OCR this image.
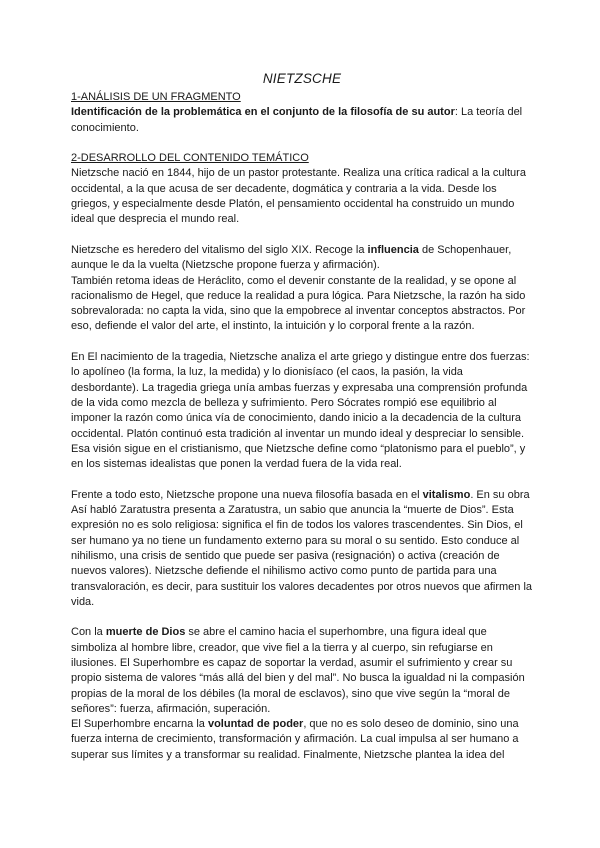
NIETZSCHE
1-ANÁLISIS DE UN FRAGMENTO

Identificación de la problemática en el conjunto de la filosofía de su autor: La teoría del conocimiento.

2-DESARROLLO DEL CONTENIDO TEMÁTICO

Nietzsche nació en 1844, hijo de un pastor protestante. Realiza una crítica radical a la cultura occidental, a la que acusa de ser decadente, dogmática y contraria a la vida. Desde los griegos, y especialmente desde Platón, el pensamiento occidental ha construido un mundo ideal que desprecia el mundo real.

Nietzsche es heredero del vitalismo del siglo XIX. Recoge la influencia de Schopenhauer, aunque le da la vuelta (Nietzsche propone fuerza y afirmación).

También retoma ideas de Heráclito, como el devenir constante de la realidad, y se opone al racionalismo de Hegel, que reduce la realidad a pura lógica. Para Nietzsche, la razón ha sido sobrevalorada: no capta la vida, sino que la empobrece al inventar conceptos abstractos. Por eso, defiende el valor del arte, el instinto, la intuición y lo corporal frente a la razón.

En El nacimiento de la tragedia, Nietzsche analiza el arte griego y distingue entre dos fuerzas: lo apolíneo (la forma, la luz, la medida) y lo dionisíaco (el caos, la pasión, la vida desbordante). La tragedia griega unía ambas fuerzas y expresaba una comprensión profunda de la vida como mezcla de belleza y sufrimiento. Pero Sócrates rompió ese equilibrio al imponer la razón como única vía de conocimiento, dando inicio a la decadencia de la cultura occidental. Platón continuó esta tradición al inventar un mundo ideal y despreciar lo sensible. Esa visión sigue en el cristianismo, que Nietzsche define como “platonismo para el pueblo”, y en los sistemas idealistas que ponen la verdad fuera de la vida real.

Frente a todo esto, Nietzsche propone una nueva filosofía basada en el vitalismo. En su obra Así habló Zaratustra presenta a Zaratustra, un sabio que anuncia la “muerte de Dios”. Esta expresión no es solo religiosa: significa el fin de todos los valores trascendentes. Sin Dios, el ser humano ya no tiene un fundamento externo para su moral o su sentido. Esto conduce al nihilismo, una crisis de sentido que puede ser pasiva (resignación) o activa (creación de nuevos valores). Nietzsche defiende el nihilismo activo como punto de partida para una transvaloración, es decir, para sustituir los valores decadentes por otros nuevos que afirmen la vida.

Con la muerte de Dios se abre el camino hacia el superhombre, una figura ideal que simboliza al hombre libre, creador, que vive fiel a la tierra y al cuerpo, sin refugiarse en ilusiones. El Superhombre es capaz de soportar la verdad, asumir el sufrimiento y crear su propio sistema de valores “más allá del bien y del mal”. No busca la igualdad ni la compasión propias de la moral de los débiles (la moral de esclavos), sino que vive según la “moral de señores”: fuerza, afirmación, superación.

El Superhombre encarna la voluntad de poder, que no es solo deseo de dominio, sino una fuerza interna de crecimiento, transformación y afirmación. La cual impulsa al ser humano a superar sus límites y a transformar su realidad. Finalmente, Nietzsche plantea la idea del
